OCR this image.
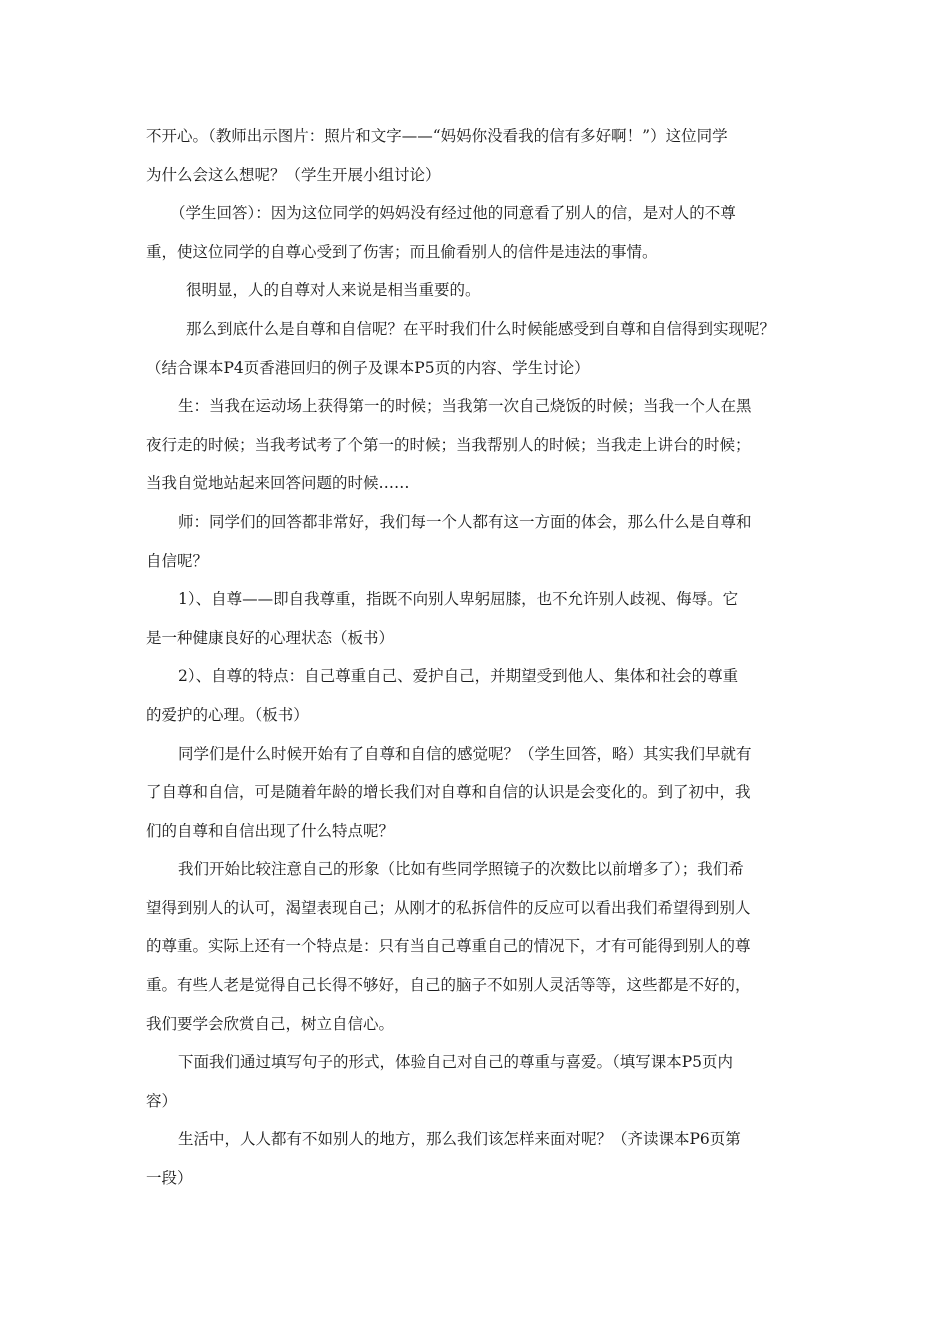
不开心。（教师出示图片：照片和文字——“妈妈你没看我的信有多好啊！”）这位同学
为什么会这么想呢？（学生开展小组讨论）
（学生回答）：因为这位同学的妈妈没有经过他的同意看了别人的信，是对人的不尊
重，使这位同学的自尊心受到了伤害；而且偷看别人的信件是违法的事情。
很明显，人的自尊对人来说是相当重要的。
那么到底什么是自尊和自信呢？在平时我们什么时候能感受到自尊和自信得到实现呢？
（结合课本P4页香港回归的例子及课本P5页的内容、学生讨论）
生：当我在运动场上获得第一的时候；当我第一次自己烧饭的时候；当我一个人在黑
夜行走的时候；当我考试考了个第一的时候；当我帮别人的时候；当我走上讲台的时候；
当我自觉地站起来回答问题的时候……
师：同学们的回答都非常好，我们每一个人都有这一方面的体会，那么什么是自尊和
自信呢？
1）、自尊——即自我尊重，指既不向别人卑躬屈膝，也不允许别人歧视、侮辱。它
是一种健康良好的心理状态（板书）
2）、自尊的特点：自己尊重自己、爱护自己，并期望受到他人、集体和社会的尊重
的爱护的心理。（板书）
同学们是什么时候开始有了自尊和自信的感觉呢？（学生回答，略）其实我们早就有
了自尊和自信，可是随着年龄的增长我们对自尊和自信的认识是会变化的。到了初中，我
们的自尊和自信出现了什么特点呢？
我们开始比较注意自己的形象（比如有些同学照镜子的次数比以前增多了）；我们希
望得到别人的认可，渴望表现自己；从刚才的私拆信件的反应可以看出我们希望得到别人
的尊重。实际上还有一个特点是：只有当自己尊重自己的情况下，才有可能得到别人的尊
重。有些人老是觉得自己长得不够好，自己的脑子不如别人灵活等等，这些都是不好的，
我们要学会欣赏自己，树立自信心。
下面我们通过填写句子的形式，体验自己对自己的尊重与喜爱。（填写课本P5页内
容）
生活中，人人都有不如别人的地方，那么我们该怎样来面对呢？（齐读课本P6页第
一段）
